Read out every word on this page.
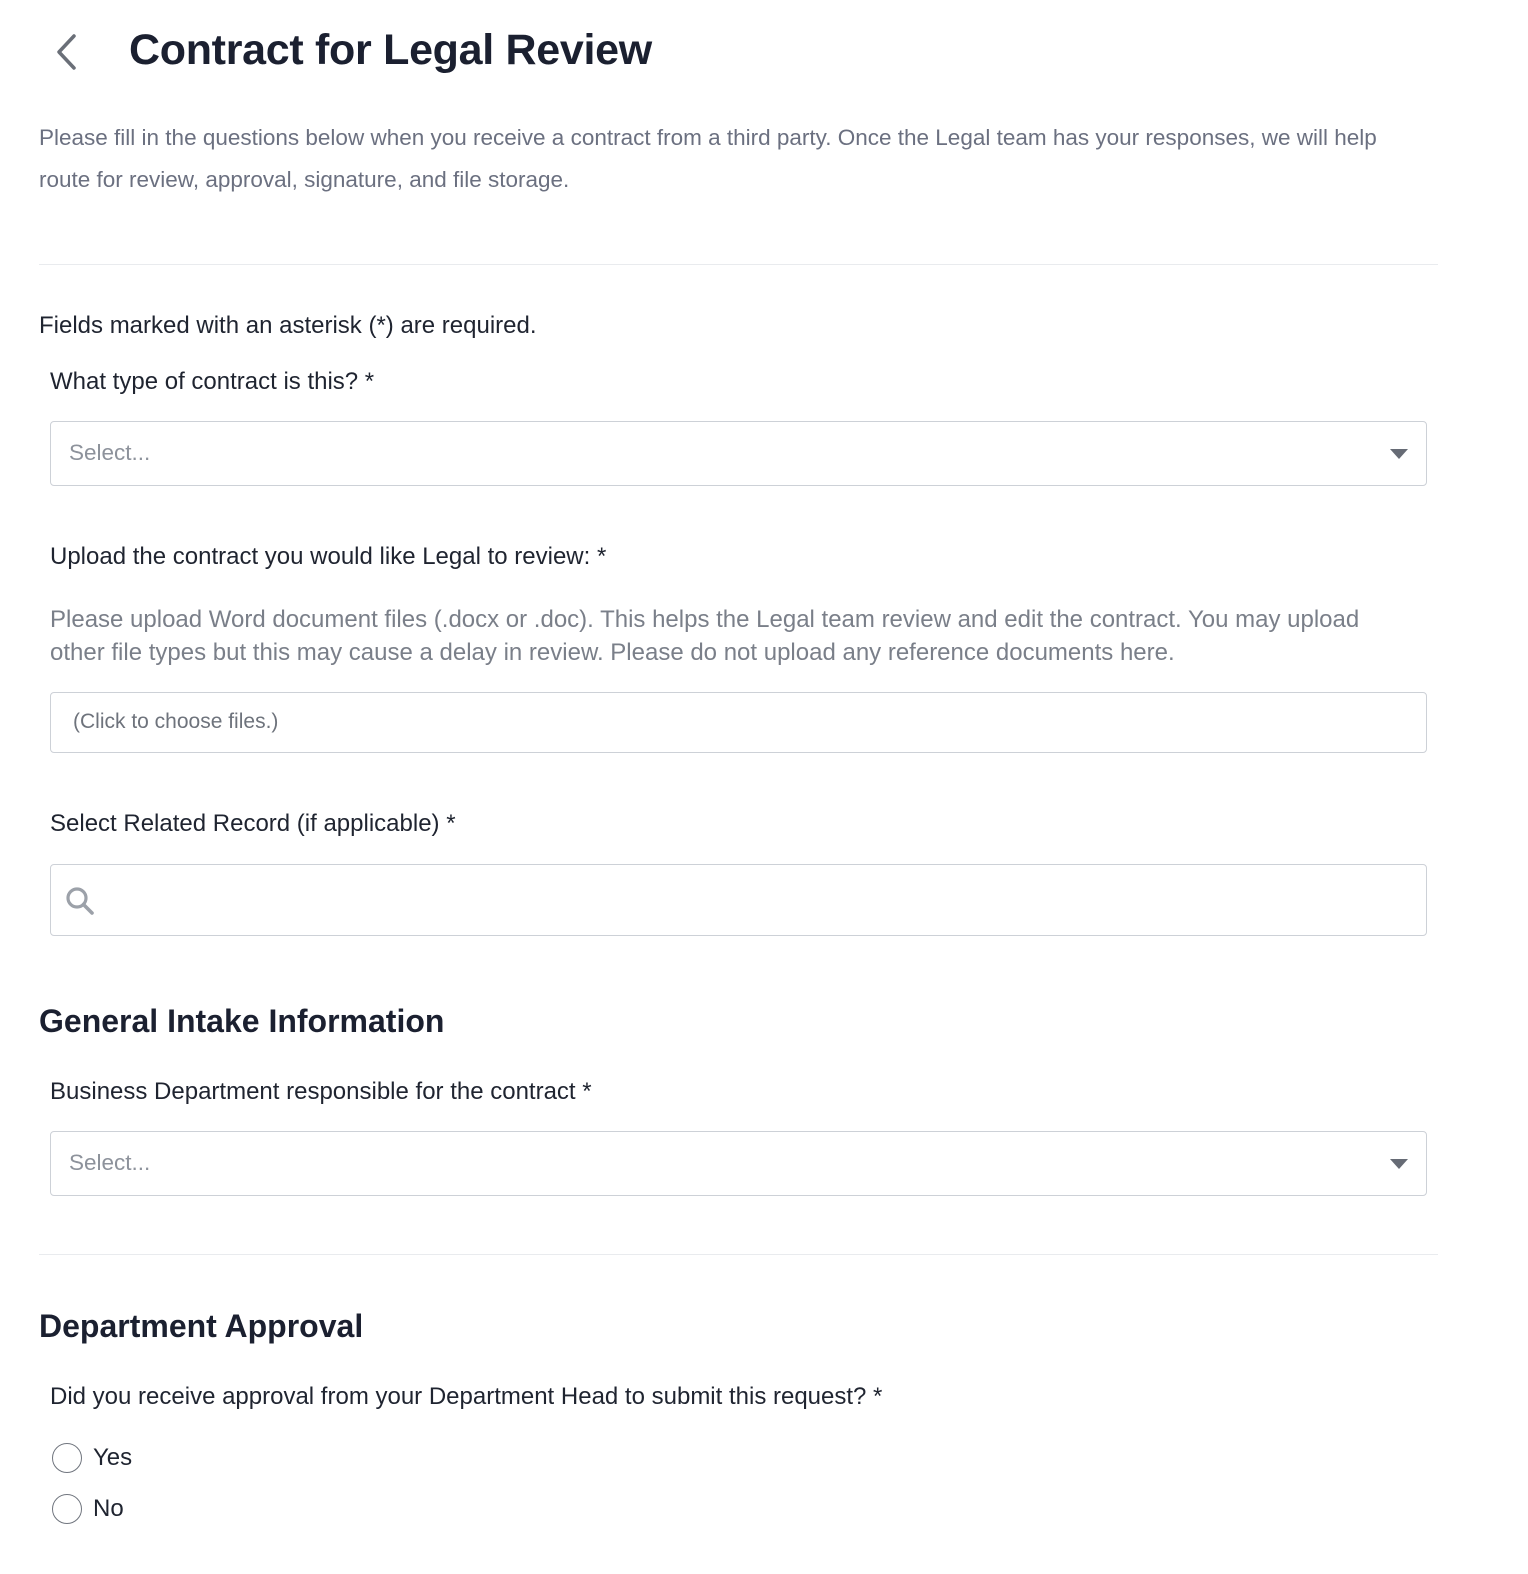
Contract for Legal Review
Please fill in the questions below when you receive a contract from a third party. Once the Legal team has your responses, we will help route for review, approval, signature, and file storage.
Fields marked with an asterisk (*) are required.
What type of contract is this? *
Select...
Upload the contract you would like Legal to review: *
Please upload Word document files (.docx or .doc). This helps the Legal team review and edit the contract. You may upload other file types but this may cause a delay in review. Please do not upload any reference documents here.
(Click to choose files.)
Select Related Record (if applicable) *
General Intake Information
Business Department responsible for the contract *
Select...
Department Approval
Did you receive approval from your Department Head to submit this request? *
Yes
No
